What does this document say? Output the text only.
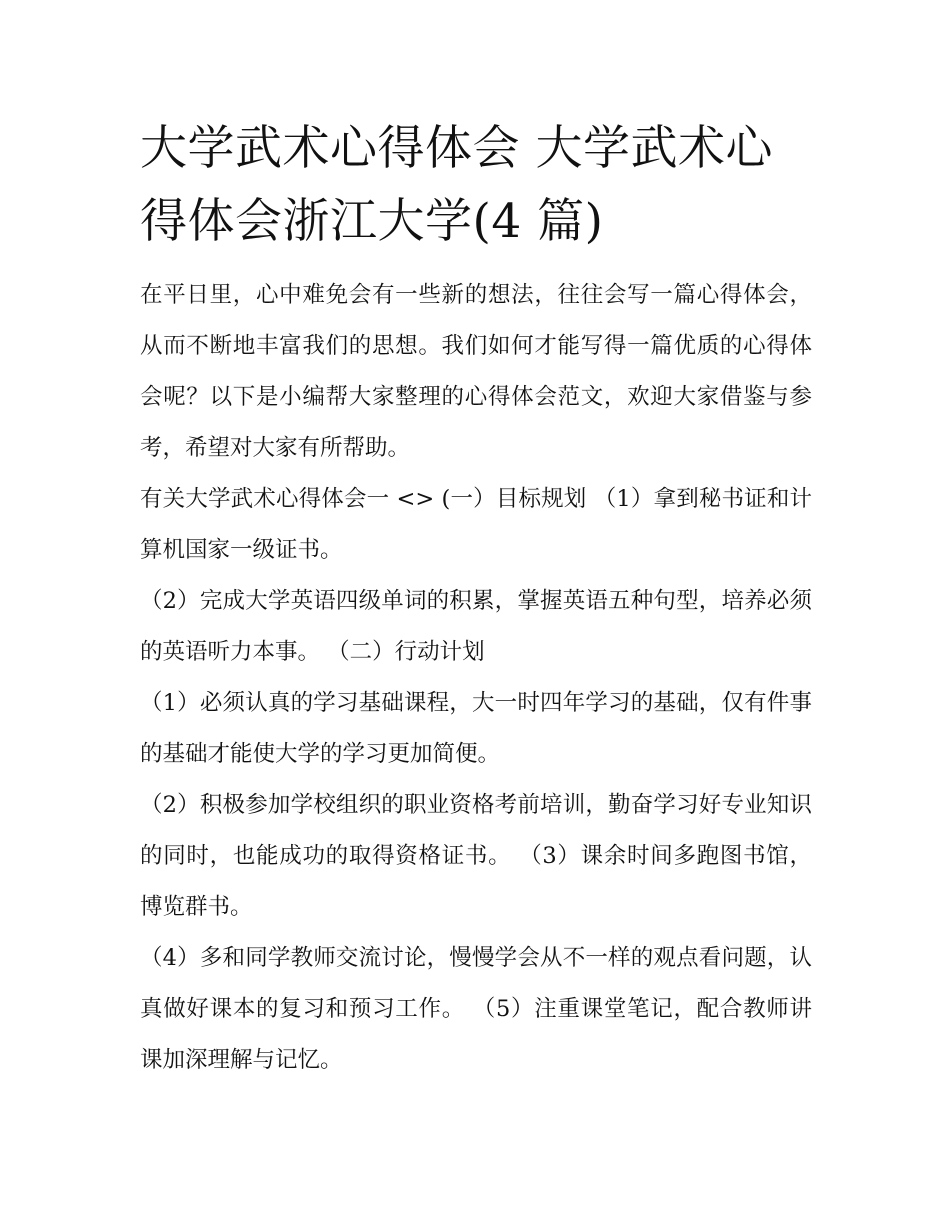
大学武术心得体会 大学武术心得体会浙江大学(4 篇)

在平日里，心中难免会有一些新的想法，往往会写一篇心得体会，从而不断地丰富我们的思想。我们如何才能写得一篇优质的心得体会呢？以下是小编帮大家整理的心得体会范文，欢迎大家借鉴与参考，希望对大家有所帮助。

有关大学武术心得体会一 <> (一）目标规划 （1）拿到秘书证和计算机国家一级证书。

（2）完成大学英语四级单词的积累，掌握英语五种句型，培养必须的英语听力本事。 （二）行动计划

（1）必须认真的学习基础课程，大一时四年学习的基础，仅有件事的基础才能使大学的学习更加简便。

（2）积极参加学校组织的职业资格考前培训，勤奋学习好专业知识的同时，也能成功的取得资格证书。 （3）课余时间多跑图书馆，博览群书。

（4）多和同学教师交流讨论，慢慢学会从不一样的观点看问题，认真做好课本的复习和预习工作。 （5）注重课堂笔记，配合教师讲课加深理解与记忆。
